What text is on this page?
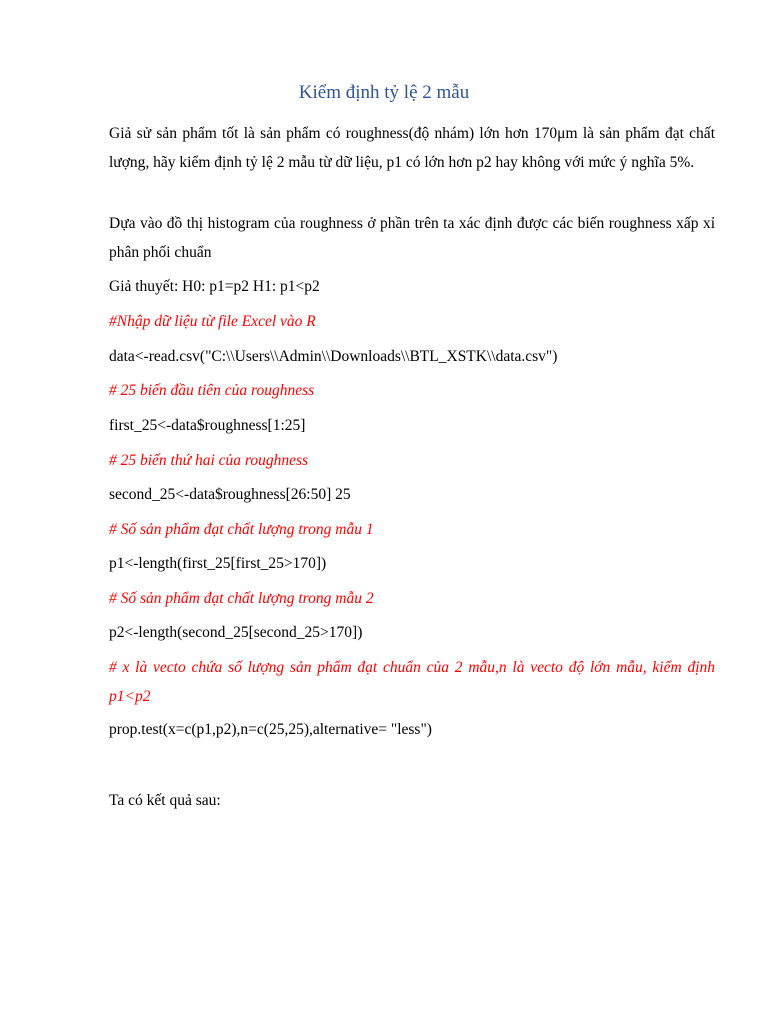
Kiểm định tỷ lệ 2 mẫu
Giả sử sản phẩm tốt là sản phẩm có roughness(độ nhám) lớn hơn 170μm là sản phẩm đạt chất lượng, hãy kiểm định tỷ lệ 2 mẫu từ dữ liệu, p1 có lớn hơn p2 hay không với mức ý nghĩa 5%.
Dựa vào đồ thị histogram của roughness ở phần trên ta xác định được các biến roughness xấp xỉ phân phối chuẩn
Giả thuyết: H0: p1=p2 H1: p1<p2
#Nhập dữ liệu từ file Excel vào R
data<-read.csv("C:\\Users\\Admin\\Downloads\\BTL_XSTK\\data.csv")
# 25 biến đầu tiên của roughness
first_25<-data$roughness[1:25]
# 25 biến thứ hai của roughness
second_25<-data$roughness[26:50] 25
# Số sản phẩm đạt chất lượng trong mẫu 1
p1<-length(first_25[first_25>170])
# Số sản phẩm đạt chất lượng trong mẫu 2
p2<-length(second_25[second_25>170])
# x là vecto chứa số lượng sản phẩm đạt chuẩn của 2 mẫu,n là vecto độ lớn mẫu, kiểm định p1<p2
prop.test(x=c(p1,p2),n=c(25,25),alternative= "less")
Ta có kết quả sau:
